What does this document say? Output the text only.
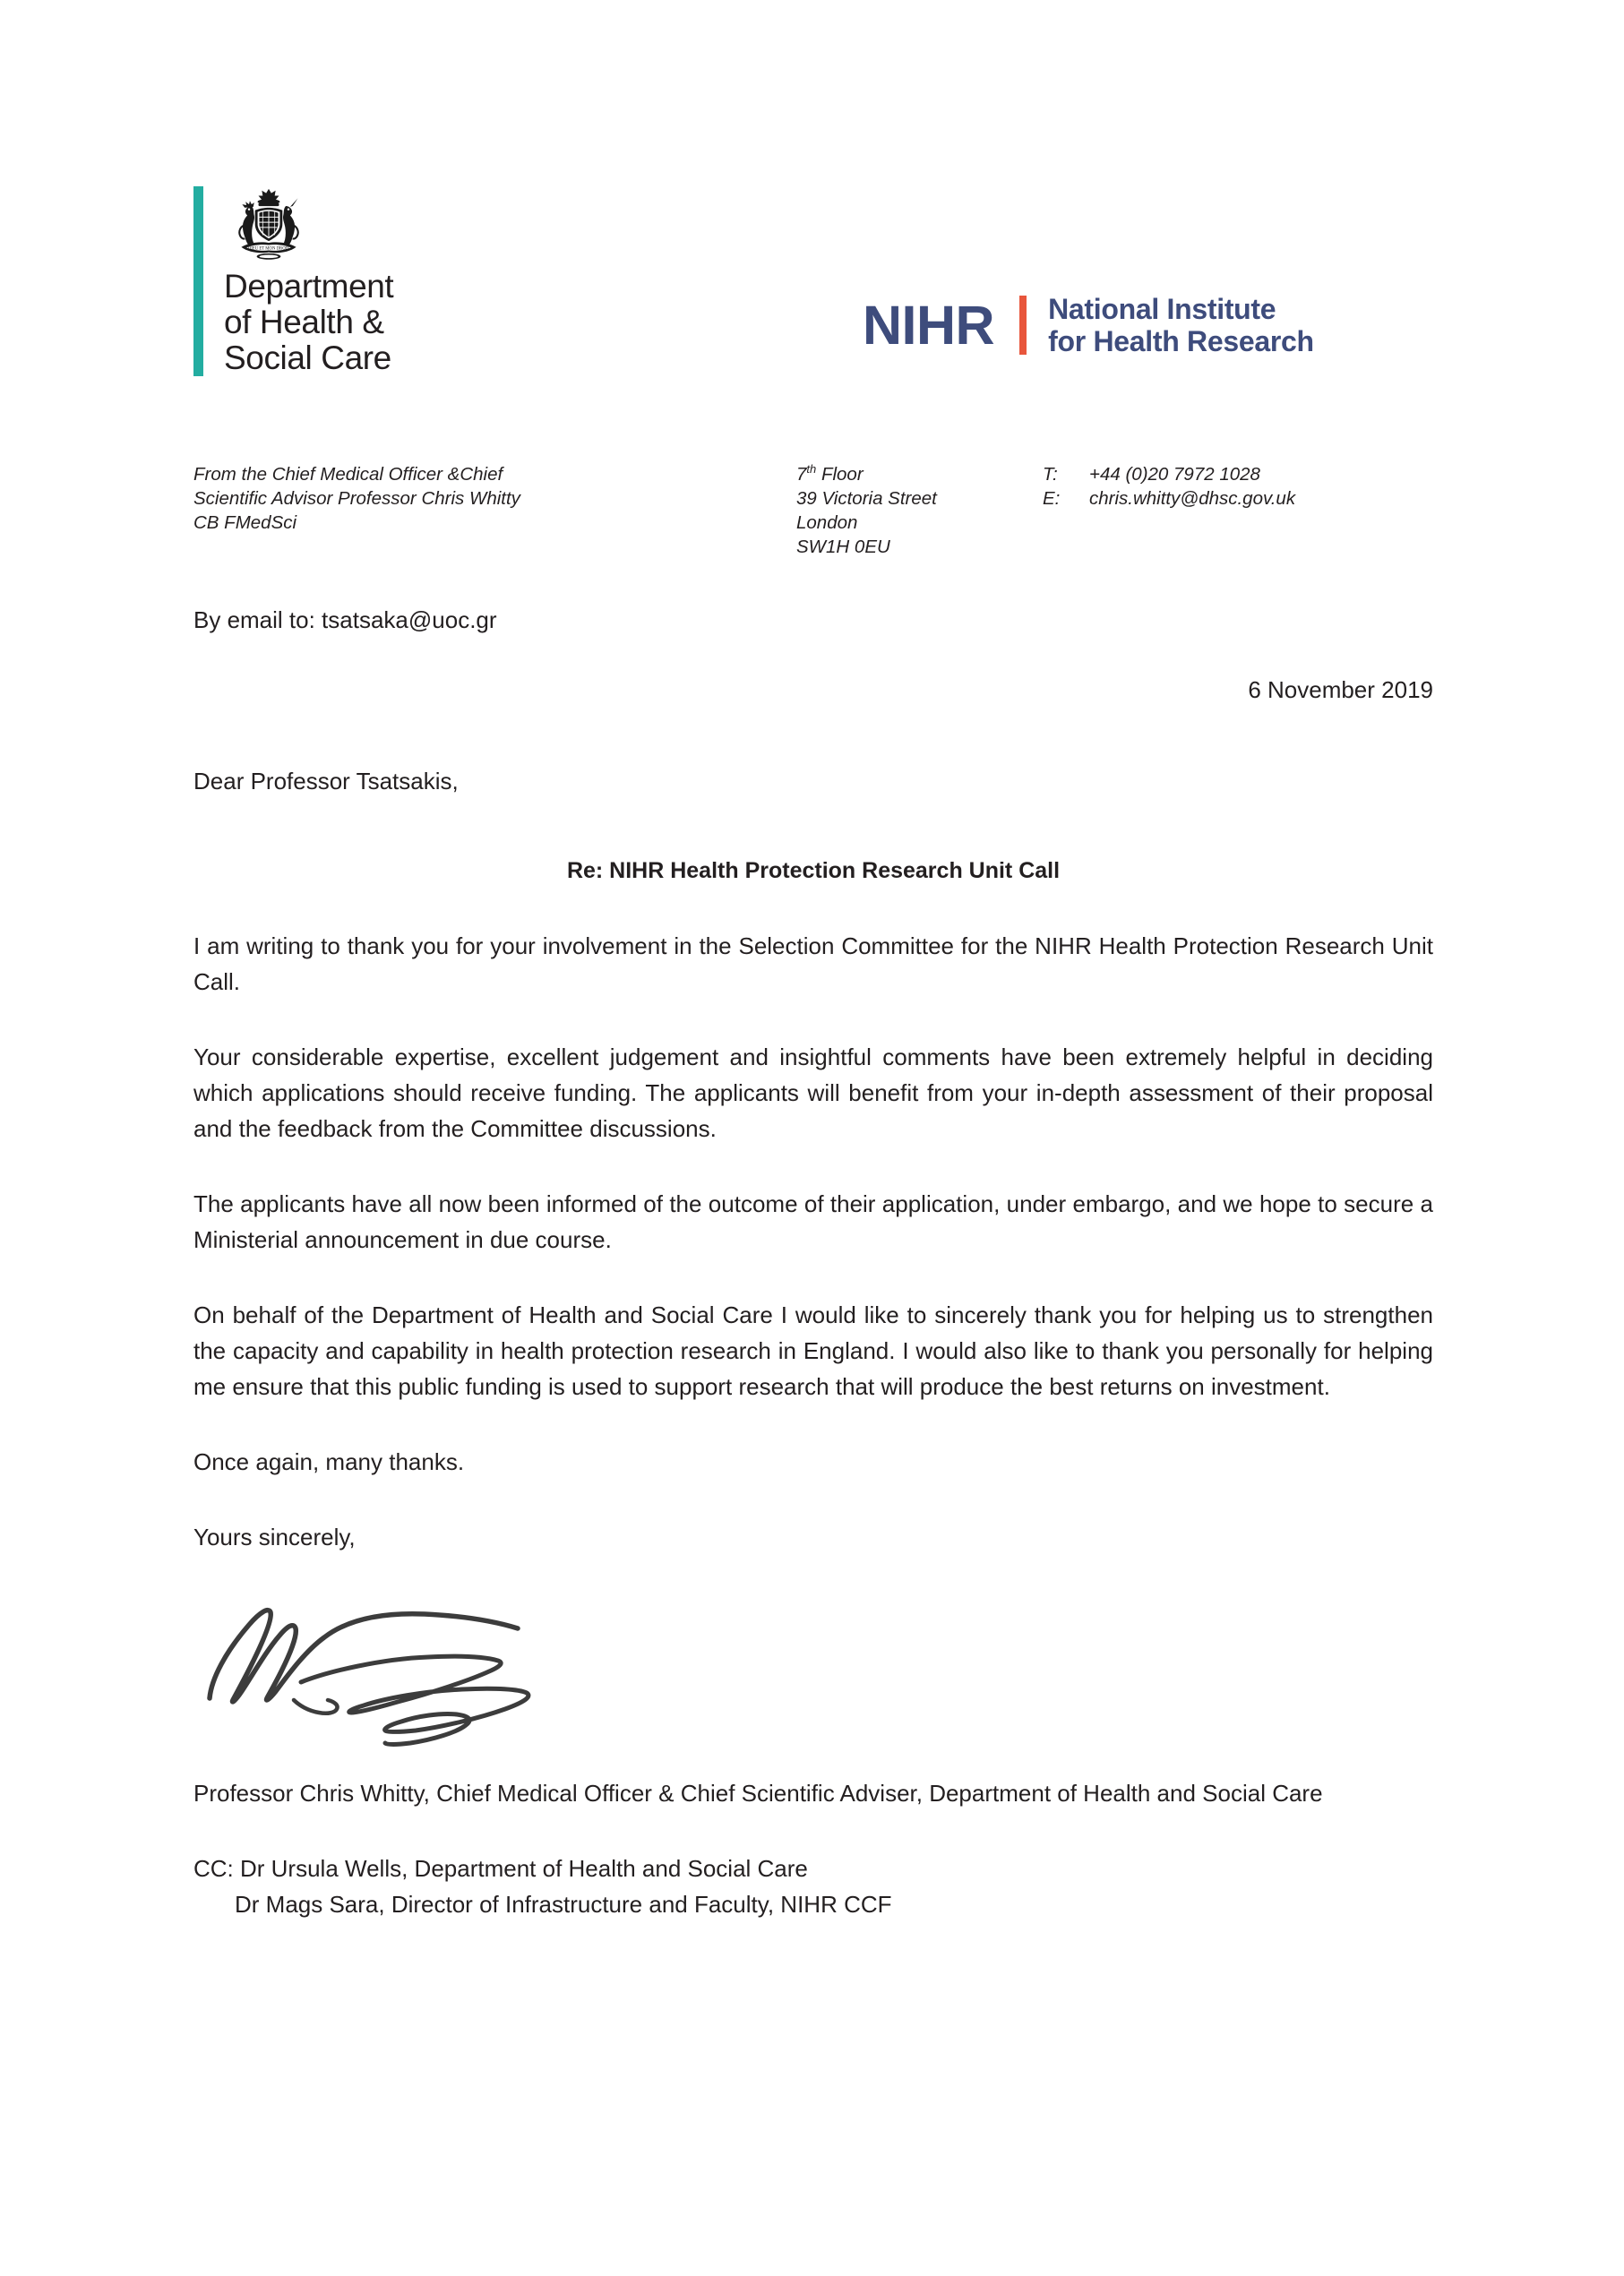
DIEU ET MON DROIT
Department
of Health &
Social Care
NIHR National Institute
for Health Research
From the Chief Medical Officer &Chief
Scientific Advisor Professor Chris Whitty
CB FMedSci
7th Floor
39 Victoria Street
London
SW1H 0EU
T:	+44 (0)20 7972 1028
E:	chris.whitty@dhsc.gov.uk

By email to: tsatsaka@uoc.gr

6 November 2019

Dear Professor Tsatsakis,

Re: NIHR Health Protection Research Unit Call

I am writing to thank you for your involvement in the Selection Committee for the NIHR Health Protection Research Unit Call.

Your considerable expertise, excellent judgement and insightful comments have been extremely helpful in deciding which applications should receive funding. The applicants will benefit from your in-depth assessment of their proposal and the feedback from the Committee discussions.

The applicants have all now been informed of the outcome of their application, under embargo, and we hope to secure a Ministerial announcement in due course.

On behalf of the Department of Health and Social Care I would like to sincerely thank you for helping us to strengthen the capacity and capability in health protection research in England. I would also like to thank you personally for helping me ensure that this public funding is used to support research that will produce the best returns on investment.

Once again, many thanks.

Yours sincerely,

Professor Chris Whitty, Chief Medical Officer & Chief Scientific Adviser, Department of Health and Social Care

CC: Dr Ursula Wells, Department of Health and Social Care

Dr Mags Sara, Director of Infrastructure and Faculty, NIHR CCF
